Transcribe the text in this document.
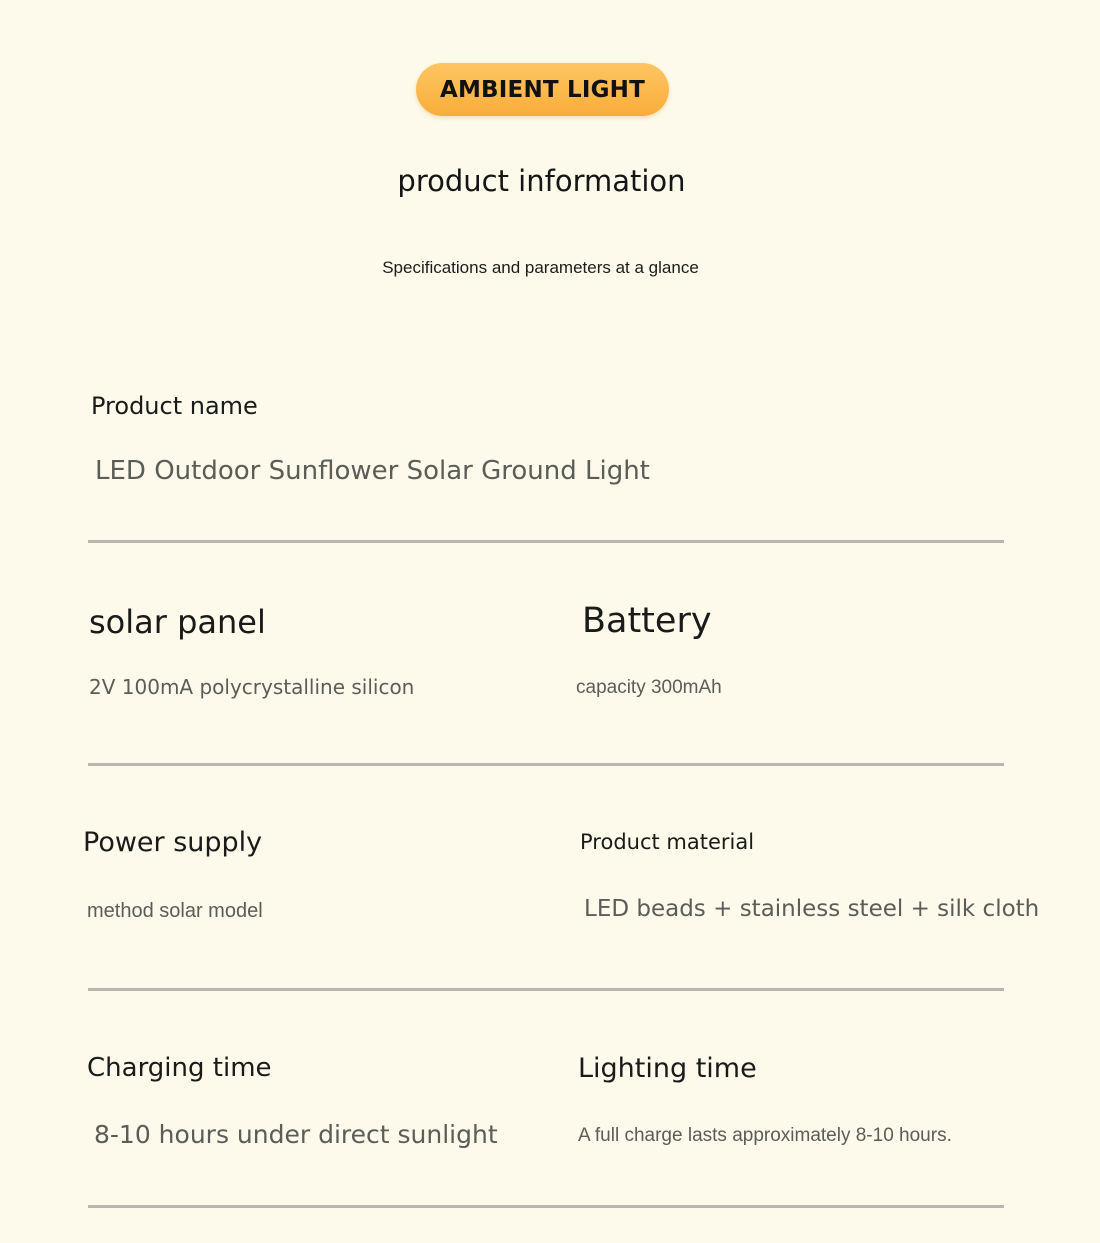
AMBIENT LIGHT
product information
Specifications and parameters at a glance
Product name
LED Outdoor Sunflower Solar Ground Light
solar panel
2V 100mA polycrystalline silicon
Battery
capacity 300mAh
Power supply
method solar model
Product material
LED beads + stainless steel + silk cloth
Charging time
8-10 hours under direct sunlight
Lighting time
A full charge lasts approximately 8-10 hours.
